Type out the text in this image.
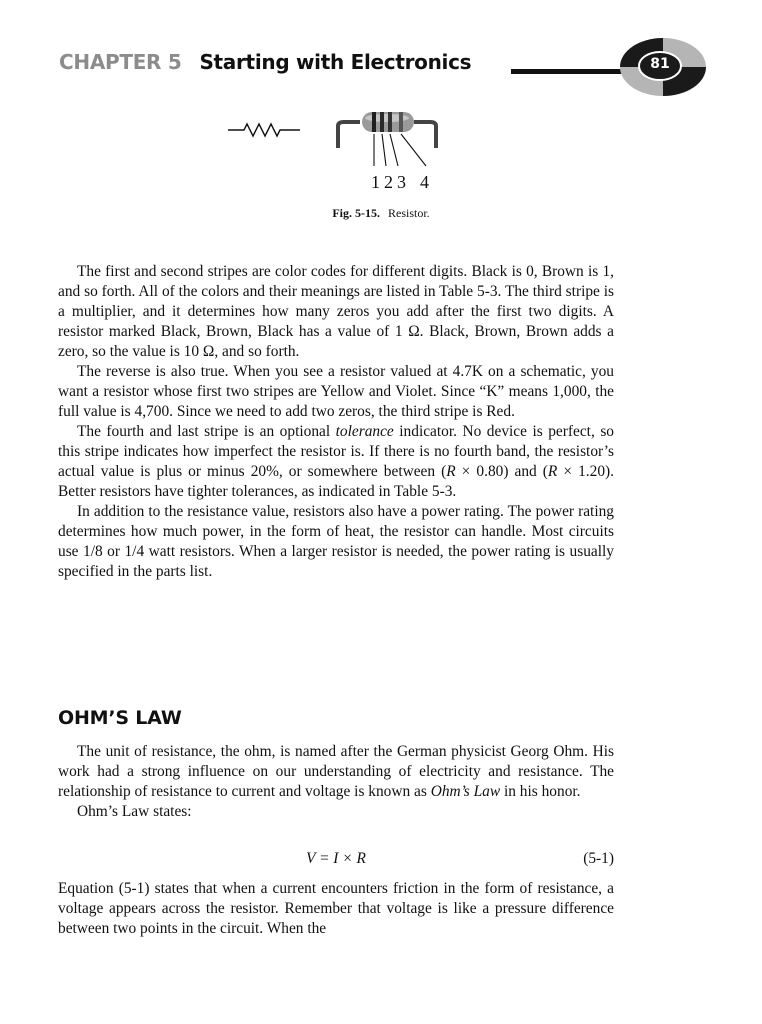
CHAPTER 5 Starting with Electronics	81
1 2 3 4
Fig. 5-15. Resistor.

The first and second stripes are color codes for different digits. Black is 0, Brown is 1, and so forth. All of the colors and their meanings are listed in Table 5-3. The third stripe is a multiplier, and it determines how many zeros you add after the first two digits. A resistor marked Black, Brown, Black has a value of 1 Ω. Black, Brown, Brown adds a zero, so the value is 10 Ω, and so forth.

The reverse is also true. When you see a resistor valued at 4.7K on a schematic, you want a resistor whose first two stripes are Yellow and Violet. Since “K” means 1,000, the full value is 4,700. Since we need to add two zeros, the third stripe is Red.

The fourth and last stripe is an optional tolerance indicator. No device is perfect, so this stripe indicates how imperfect the resistor is. If there is no fourth band, the resistor’s actual value is plus or minus 20%, or somewhere between (R × 0.80) and (R × 1.20). Better resistors have tighter tolerances, as indicated in Table 5-3.

In addition to the resistance value, resistors also have a power rating. The power rating determines how much power, in the form of heat, the resistor can handle. Most circuits use 1/8 or 1/4 watt resistors. When a larger resistor is needed, the power rating is usually specified in the parts list.

OHM’S LAW

The unit of resistance, the ohm, is named after the German physicist Georg Ohm. His work had a strong influence on our understanding of electricity and resistance. The relationship of resistance to current and voltage is known as Ohm’s Law in his honor.

Ohm’s Law states:

V = I × R	(5-1)

Equation (5-1) states that when a current encounters friction in the form of resistance, a voltage appears across the resistor. Remember that voltage is like a pressure difference between two points in the circuit. When the
